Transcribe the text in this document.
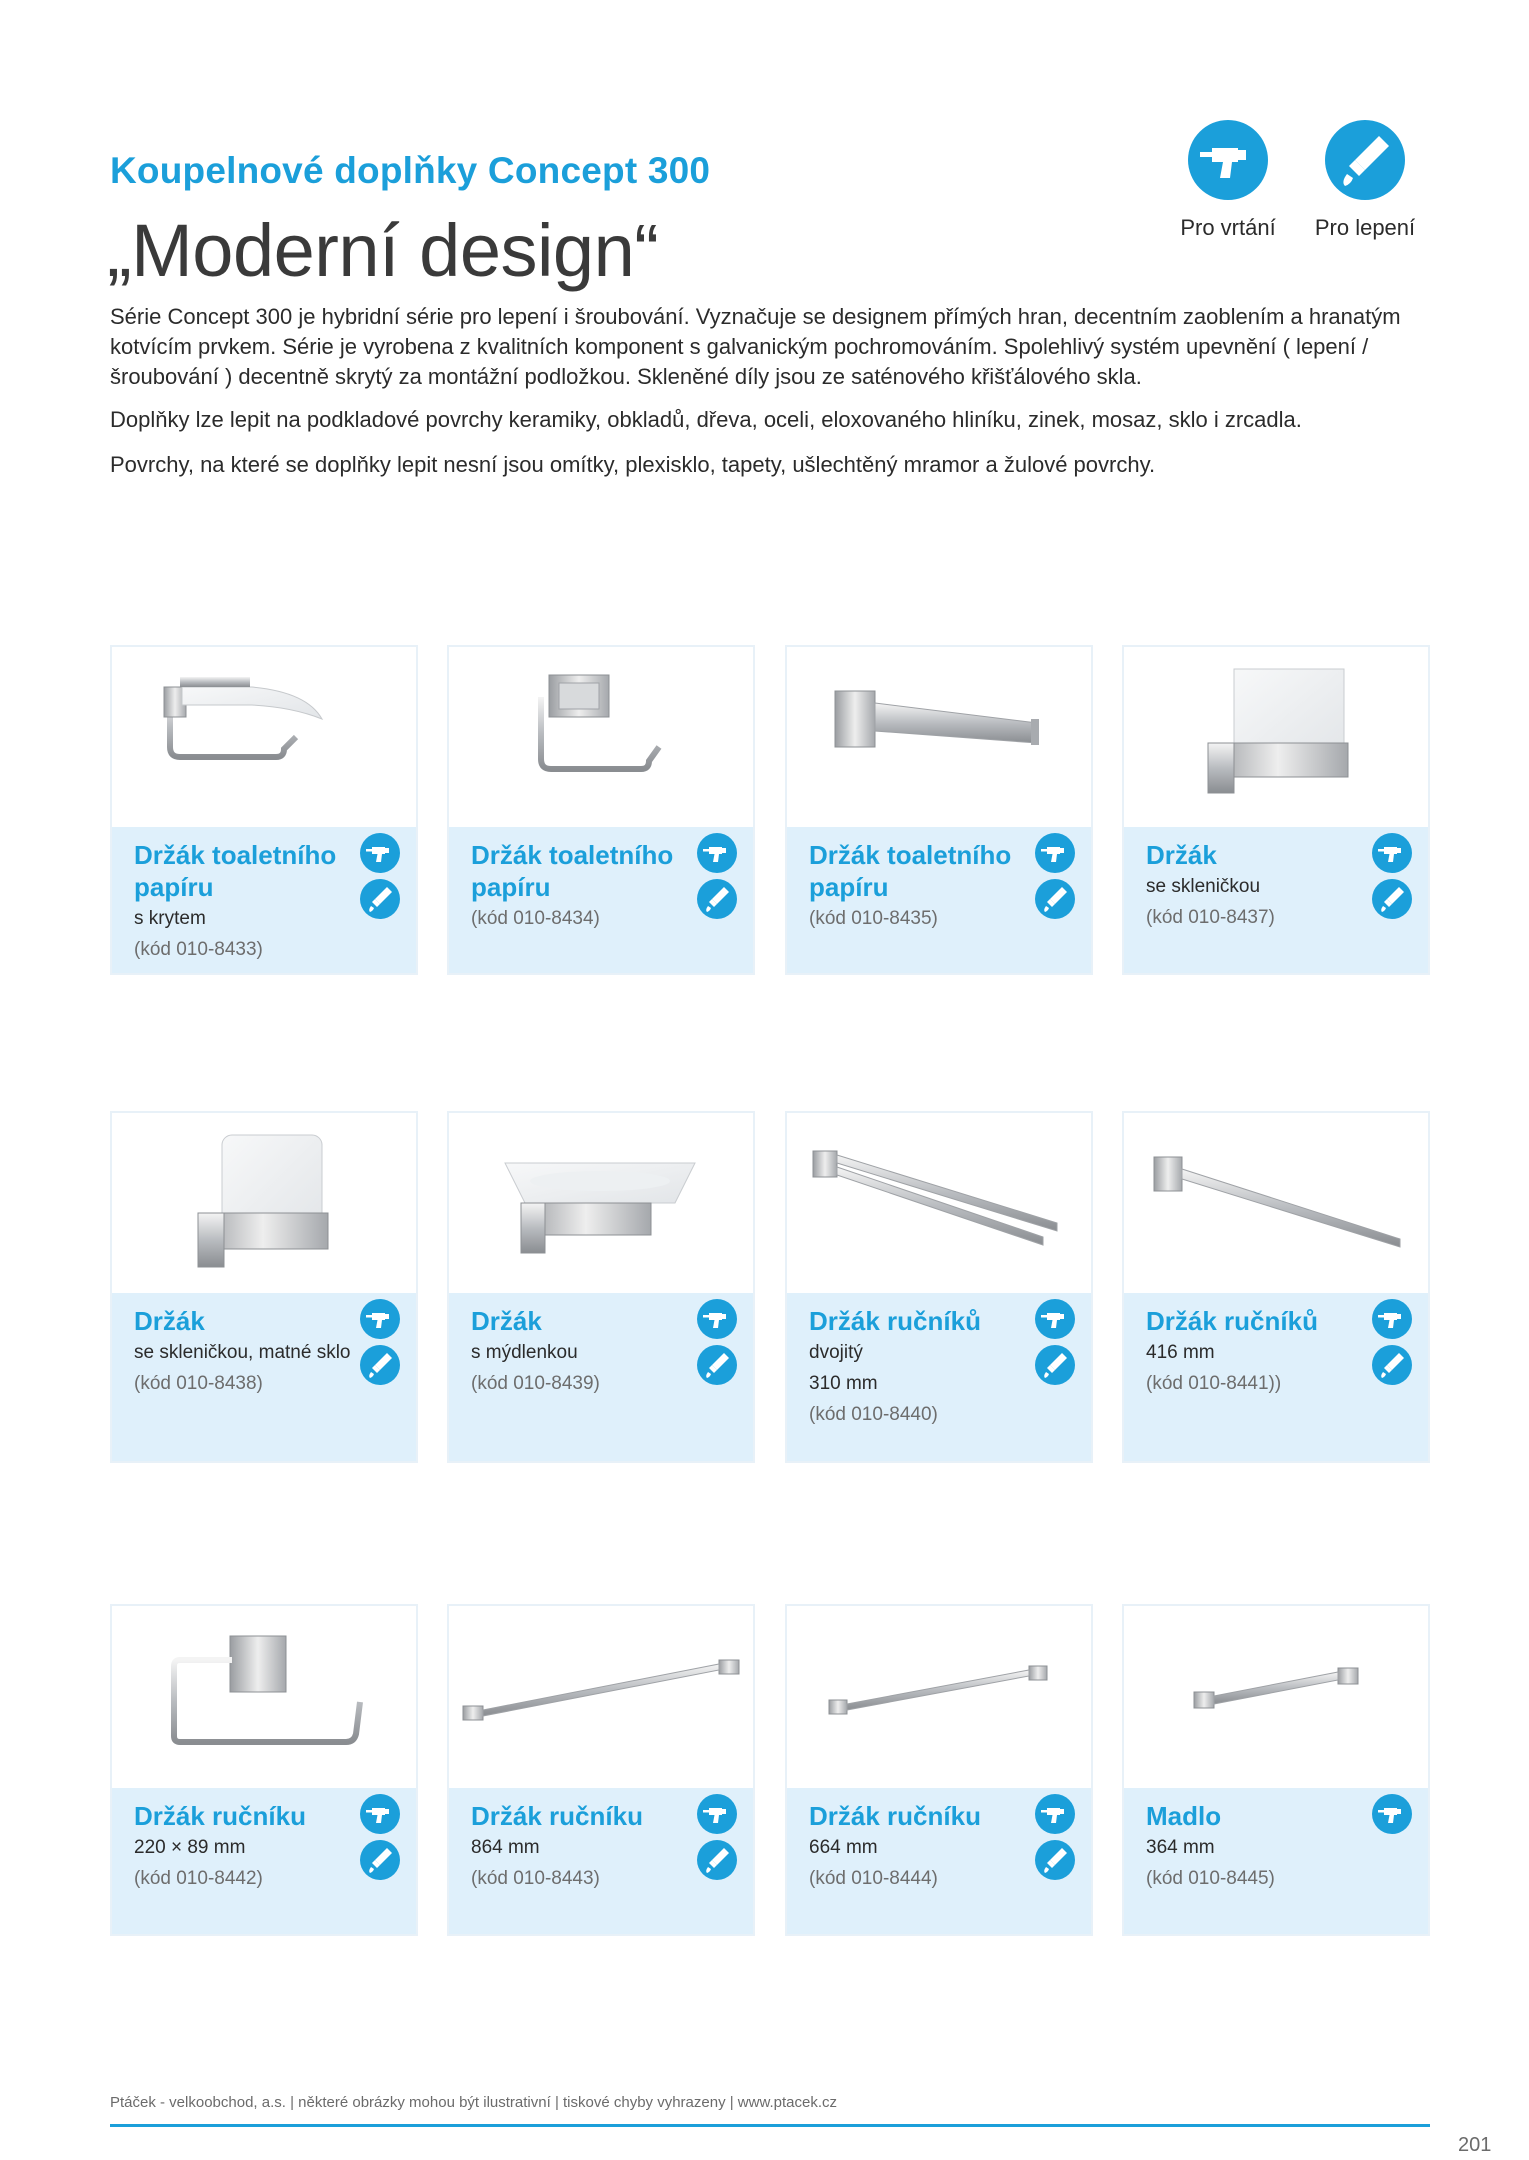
Koupelnové doplňky Concept 300
„Moderní design“	Pro vrtání	Pro lepení

Série Concept 300 je hybridní série pro lepení i šroubování. Vyznačuje se designem přímých hran, decentním zaoblením a hranatým kotvícím prvkem. Série je vyrobena z kvalitních komponent s galvanickým pochromováním. Spolehlivý systém upevnění ( lepení / šroubování ) decentně skrytý za montážní podložkou. Skleněné díly jsou ze saténového křišťálového skla.

Doplňky lze lepit na podkladové povrchy keramiky, obkladů, dřeva, oceli, eloxovaného hliníku, zinek, mosaz, sklo i zrcadla.

Povrchy, na které se doplňky lepit nesní jsou omítky, plexisklo, tapety, ušlechtěný mramor a žulové povrchy.

Držák toaletního papíru
s krytem
(kód 010-8433)
Držák toaletního papíru
(kód 010-8434)
Držák toaletního papíru
(kód 010-8435)
Držák
se skleničkou
(kód 010-8437)
Držák
se skleničkou, matné sklo
(kód 010-8438)
Držák
s mýdlenkou
(kód 010-8439)
Držák ručníků
dvojitý
310 mm
(kód 010-8440)
Držák ručníků
416 mm
(kód 010-8441))
Držák ručníku
220 × 89 mm
(kód 010-8442)
Držák ručníku
864 mm
(kód 010-8443)
Držák ručníku
664 mm
(kód 010-8444)
Madlo
364 mm
(kód 010-8445)
Ptáček - velkoobchod, a.s. | některé obrázky mohou být ilustrativní | tiskové chyby vyhrazeny | www.ptacek.cz
201
